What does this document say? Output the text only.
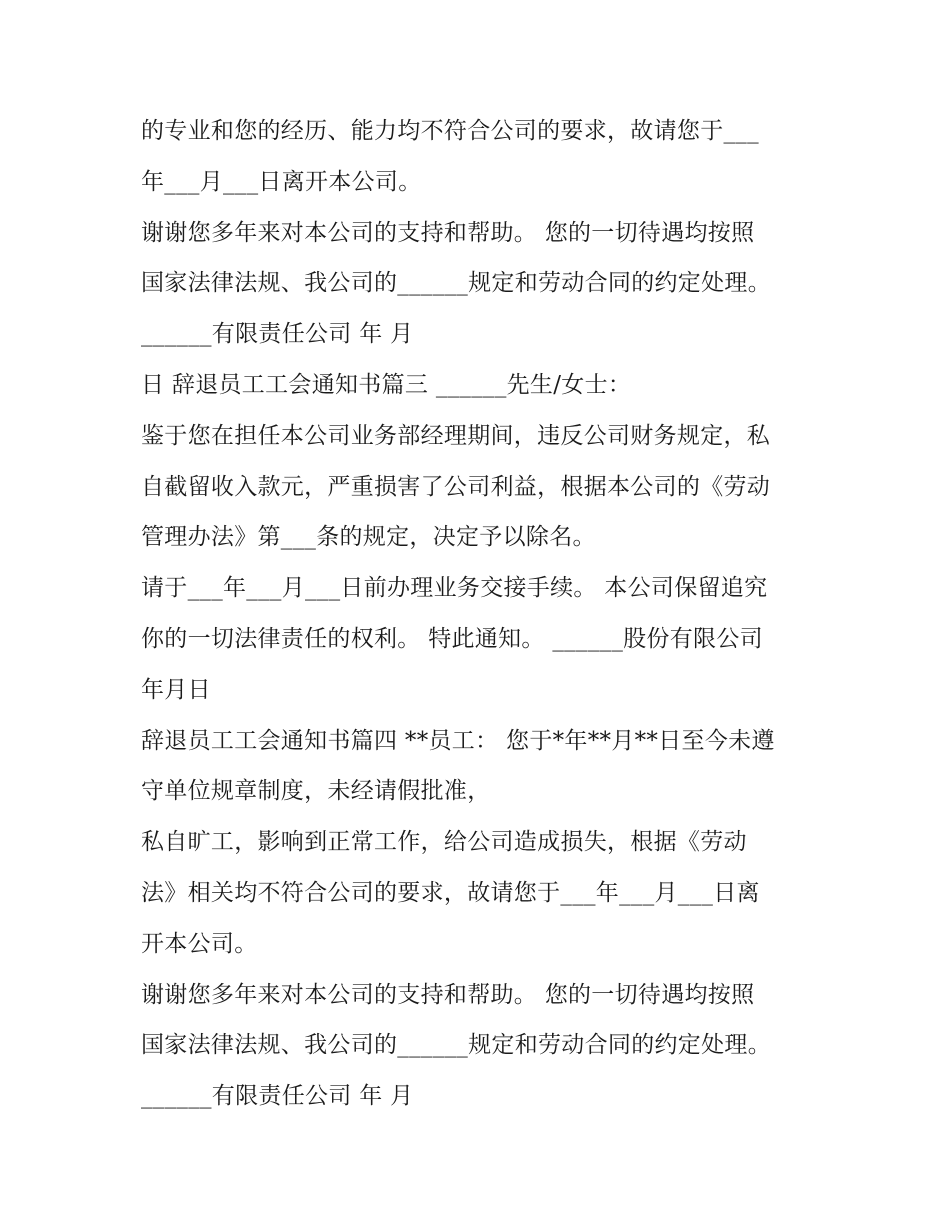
的专业和您的经历、能力均不符合公司的要求，故请您于___
年___月___日离开本公司。
谢谢您多年来对本公司的支持和帮助。 您的一切待遇均按照
国家法律法规、我公司的______规定和劳动合同的约定处理。
______有限责任公司 年 月
日 辞退员工工会通知书篇三 ______先生/女士：
鉴于您在担任本公司业务部经理期间，违反公司财务规定，私
自截留收入款元，严重损害了公司利益，根据本公司的《劳动
管理办法》第___条的规定，决定予以除名。
请于___年___月___日前办理业务交接手续。 本公司保留追究
你的一切法律责任的权利。 特此通知。 ______股份有限公司
年月日
辞退员工工会通知书篇四 **员工： 您于*年**月**日至今未遵
守单位规章制度，未经请假批准，
私自旷工，影响到正常工作，给公司造成损失，根据《劳动
法》相关均不符合公司的要求，故请您于___年___月___日离
开本公司。
谢谢您多年来对本公司的支持和帮助。 您的一切待遇均按照
国家法律法规、我公司的______规定和劳动合同的约定处理。
______有限责任公司 年 月
